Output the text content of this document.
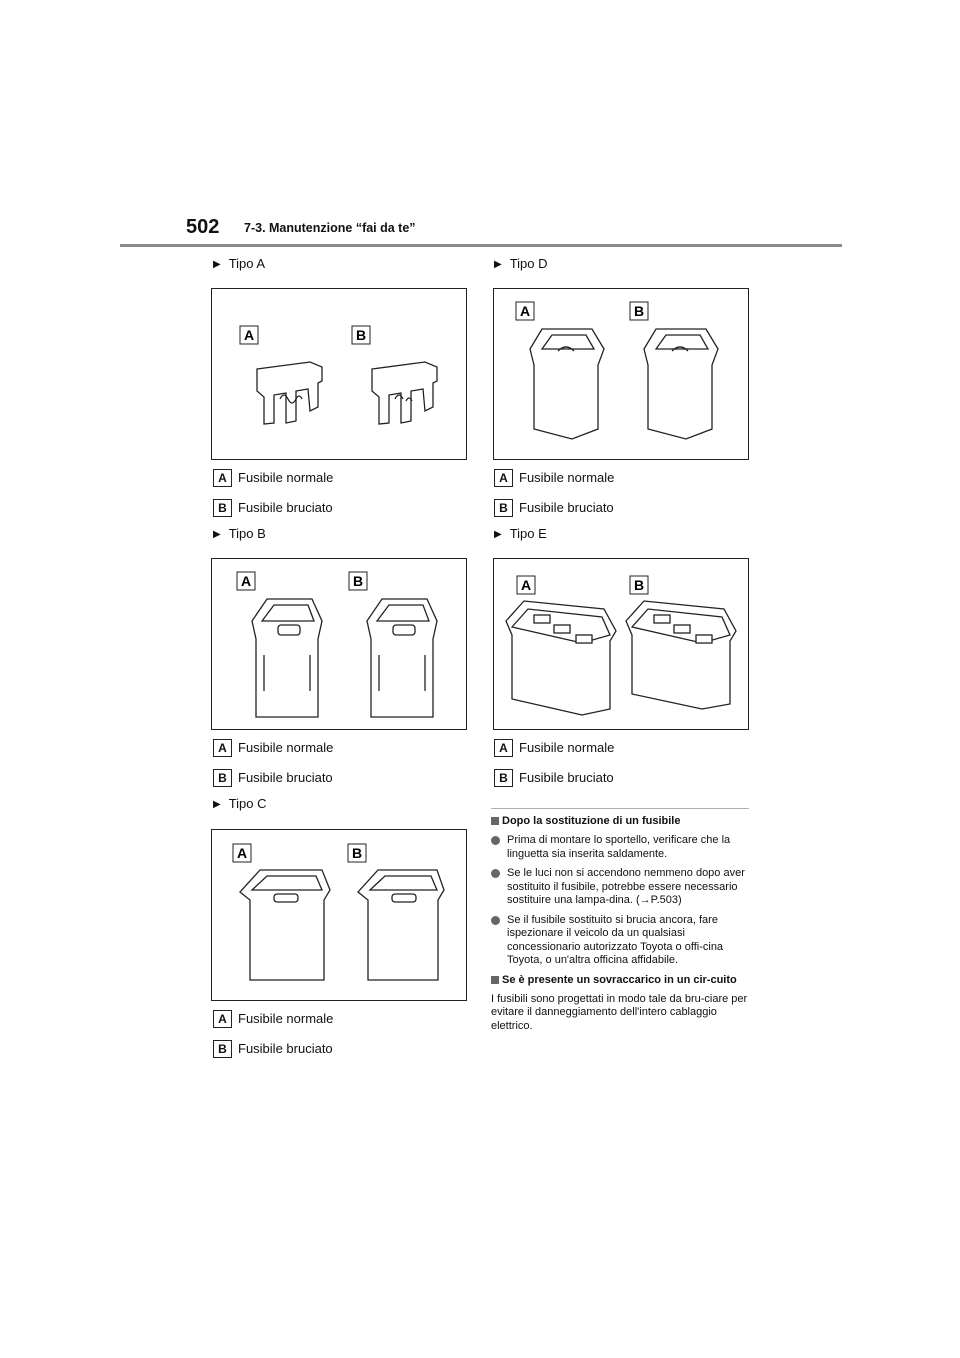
502 7-3. Manutenzione “fai da te”
▶ Tipo A
A	B
A Fusibile normale
B Fusibile bruciato
▶ Tipo B
A	B
A Fusibile normale
B Fusibile bruciato
▶ Tipo C
A	B
A Fusibile normale
B Fusibile bruciato
▶ Tipo D
A	B
A Fusibile normale
B Fusibile bruciato
▶ Tipo E
A	B
A Fusibile normale
B Fusibile bruciato
Dopo la sostituzione di un fusibile
Prima di montare lo sportello, verificare che la linguetta sia inserita saldamente.
Se le luci non si accendono nemmeno dopo aver sostituito il fusibile, potrebbe essere necessario sostituire una lampa-dina. (→P.503)
Se il fusibile sostituito si brucia ancora, fare ispezionare il veicolo da un qualsiasi concessionario autorizzato Toyota o offi-cina Toyota, o un'altra officina affidabile.
Se è presente un sovraccarico in un cir-cuito

I fusibili sono progettati in modo tale da bru-ciare per evitare il danneggiamento dell'intero cablaggio elettrico.
